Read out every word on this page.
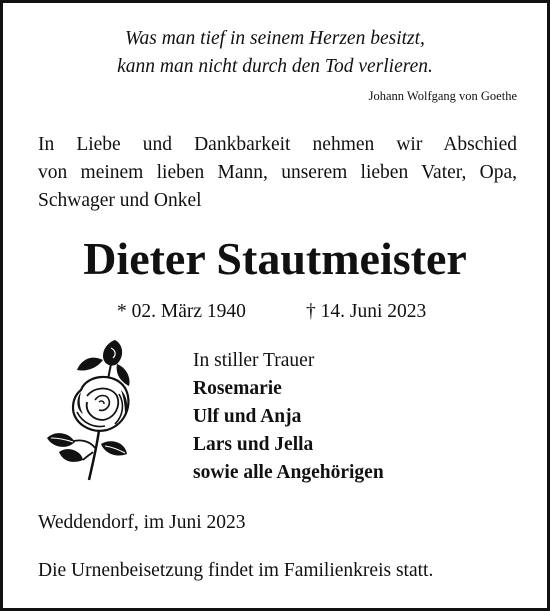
Was man tief in seinem Herzen besitzt,
kann man nicht durch den Tod verlieren.
Johann Wolfgang von Goethe
In Liebe und Dankbarkeit nehmen wir Abschied
von meinem lieben Mann, unserem lieben Vater, Opa,
Schwager und Onkel
Dieter Stautmeister
* 02. März 1940	† 14. Juni 2023
In stiller Trauer
Rosemarie
Ulf und Anja
Lars und Jella
sowie alle Angehörigen
Weddendorf, im Juni 2023
Die Urnenbeisetzung findet im Familienkreis statt.
